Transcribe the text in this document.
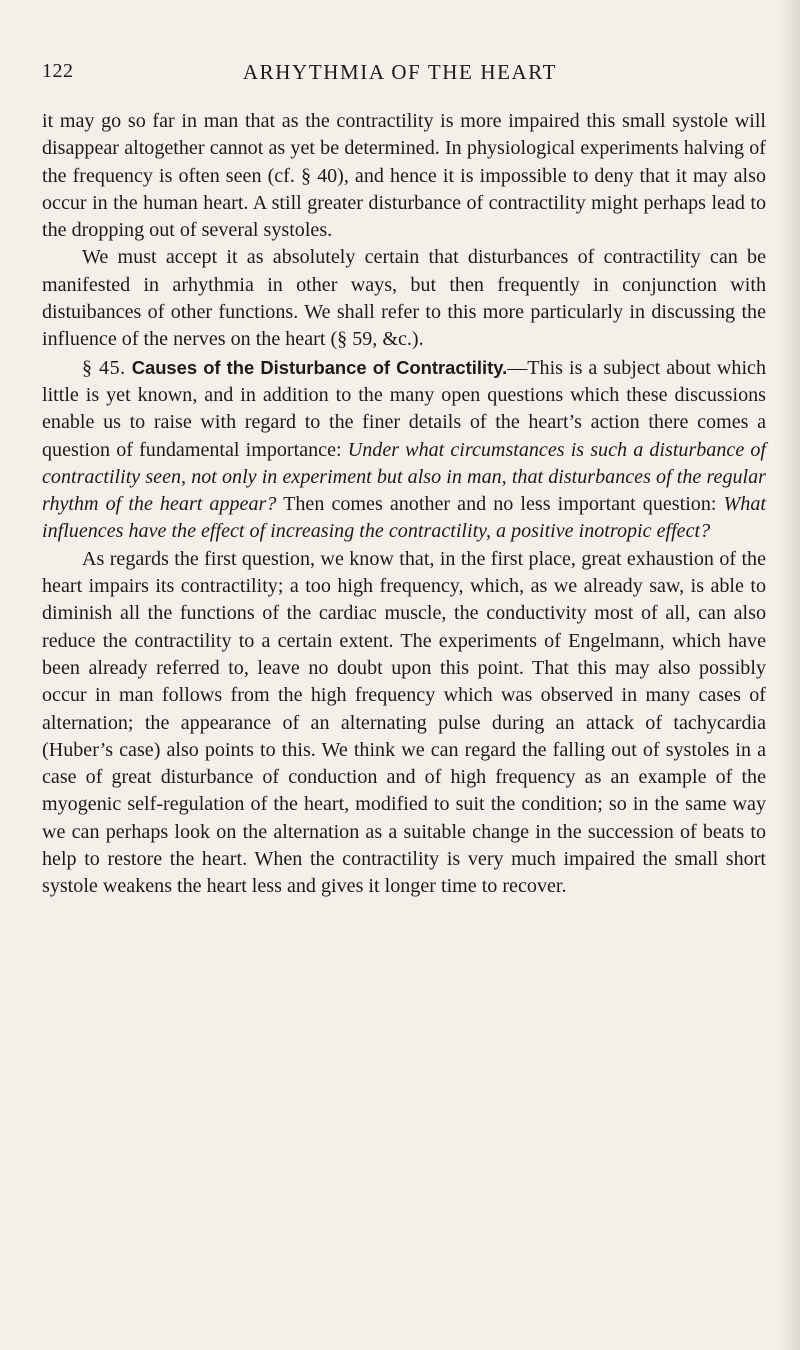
122	ARHYTHMIA OF THE HEART

it may go so far in man that as the contractility is more impaired this small systole will disappear altogether cannot as yet be determined. In physiological experiments halving of the frequency is often seen (cf. § 40), and hence it is impossible to deny that it may also occur in the human heart. A still greater disturbance of contractility might perhaps lead to the dropping out of several systoles.

We must accept it as absolutely certain that disturbances of contractility can be manifested in arhythmia in other ways, but then frequently in conjunction with distuibances of other functions. We shall refer to this more particularly in discussing the influence of the nerves on the heart (§ 59, &c.).

§ 45. Causes of the Disturbance of Contractility.—This is a subject about which little is yet known, and in addition to the many open questions which these discussions enable us to raise with regard to the finer details of the heart’s action there comes a question of fundamental importance: Under what circumstances is such a disturbance of contractility seen, not only in experiment but also in man, that disturbances of the regular rhythm of the heart appear? Then comes another and no less important question: What influences have the effect of increasing the contractility, a positive inotropic effect?

As regards the first question, we know that, in the first place, great exhaustion of the heart impairs its contractility; a too high frequency, which, as we already saw, is able to diminish all the functions of the cardiac muscle, the conductivity most of all, can also reduce the contractility to a certain extent. The experiments of Engelmann, which have been already referred to, leave no doubt upon this point. That this may also possibly occur in man follows from the high frequency which was observed in many cases of alternation; the appearance of an alternating pulse during an attack of tachycardia (Huber’s case) also points to this. We think we can regard the falling out of systoles in a case of great disturbance of conduction and of high frequency as an example of the myogenic self-regulation of the heart, modified to suit the condition; so in the same way we can perhaps look on the alternation as a suitable change in the succession of beats to help to restore the heart. When the contractility is very much impaired the small short systole weakens the heart less and gives it longer time to recover.
